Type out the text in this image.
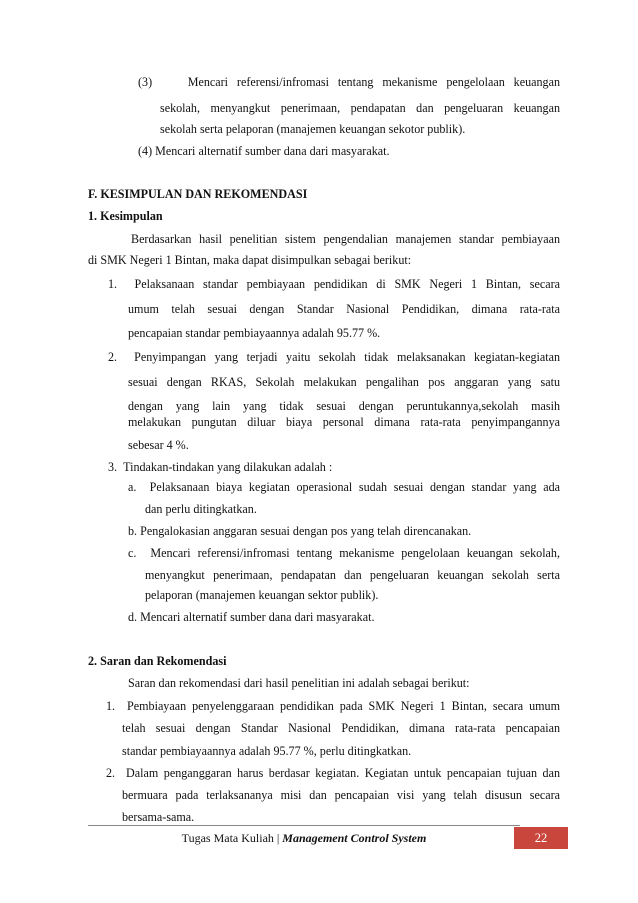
(3)    Mencari referensi/infromasi tentang mekanisme pengelolaan keuangan
sekolah, menyangkut penerimaan, pendapatan dan pengeluaran keuangan
sekolah serta pelaporan (manajemen keuangan sekotor publik).
(4) Mencari alternatif sumber dana dari masyarakat.
F. KESIMPULAN DAN REKOMENDASI
1. Kesimpulan
Berdasarkan hasil penelitian sistem pengendalian manajemen standar pembiayaan
di SMK Negeri 1 Bintan, maka dapat disimpulkan sebagai berikut:
1.  Pelaksanaan standar pembiayaan pendidikan di SMK Negeri 1 Bintan, secara
umum telah sesuai dengan Standar Nasional Pendidikan, dimana rata-rata
pencapaian standar pembiayaannya adalah 95.77 %.
2.  Penyimpangan yang terjadi yaitu sekolah tidak melaksanakan kegiatan-kegiatan
sesuai dengan RKAS, Sekolah melakukan pengalihan pos anggaran yang satu
dengan yang lain yang tidak sesuai dengan peruntukannya,sekolah masih
melakukan pungutan diluar biaya personal dimana rata-rata penyimpangannya
sebesar 4 %.
3.  Tindakan-tindakan yang dilakukan adalah :
a.  Pelaksanaan biaya kegiatan operasional sudah sesuai dengan standar yang ada
dan perlu ditingkatkan.
b. Pengalokasian anggaran sesuai dengan pos yang telah direncanakan.
c.  Mencari referensi/infromasi tentang mekanisme pengelolaan keuangan sekolah,
menyangkut penerimaan, pendapatan dan pengeluaran keuangan sekolah serta
pelaporan (manajemen keuangan sektor publik).
d. Mencari alternatif sumber dana dari masyarakat.
2. Saran dan Rekomendasi
Saran dan rekomendasi dari hasil penelitian ini adalah sebagai berikut:
1.  Pembiayaan penyelenggaraan pendidikan pada SMK Negeri 1 Bintan, secara umum
telah sesuai dengan Standar Nasional Pendidikan, dimana rata-rata pencapaian
standar pembiayaannya adalah 95.77 %, perlu ditingkatkan.
2.  Dalam penganggaran harus berdasar kegiatan. Kegiatan untuk pencapaian tujuan dan
bermuara pada terlaksananya misi dan pencapaian visi yang telah disusun secara
bersama-sama.
Tugas Mata Kuliah | Management Control System	22
